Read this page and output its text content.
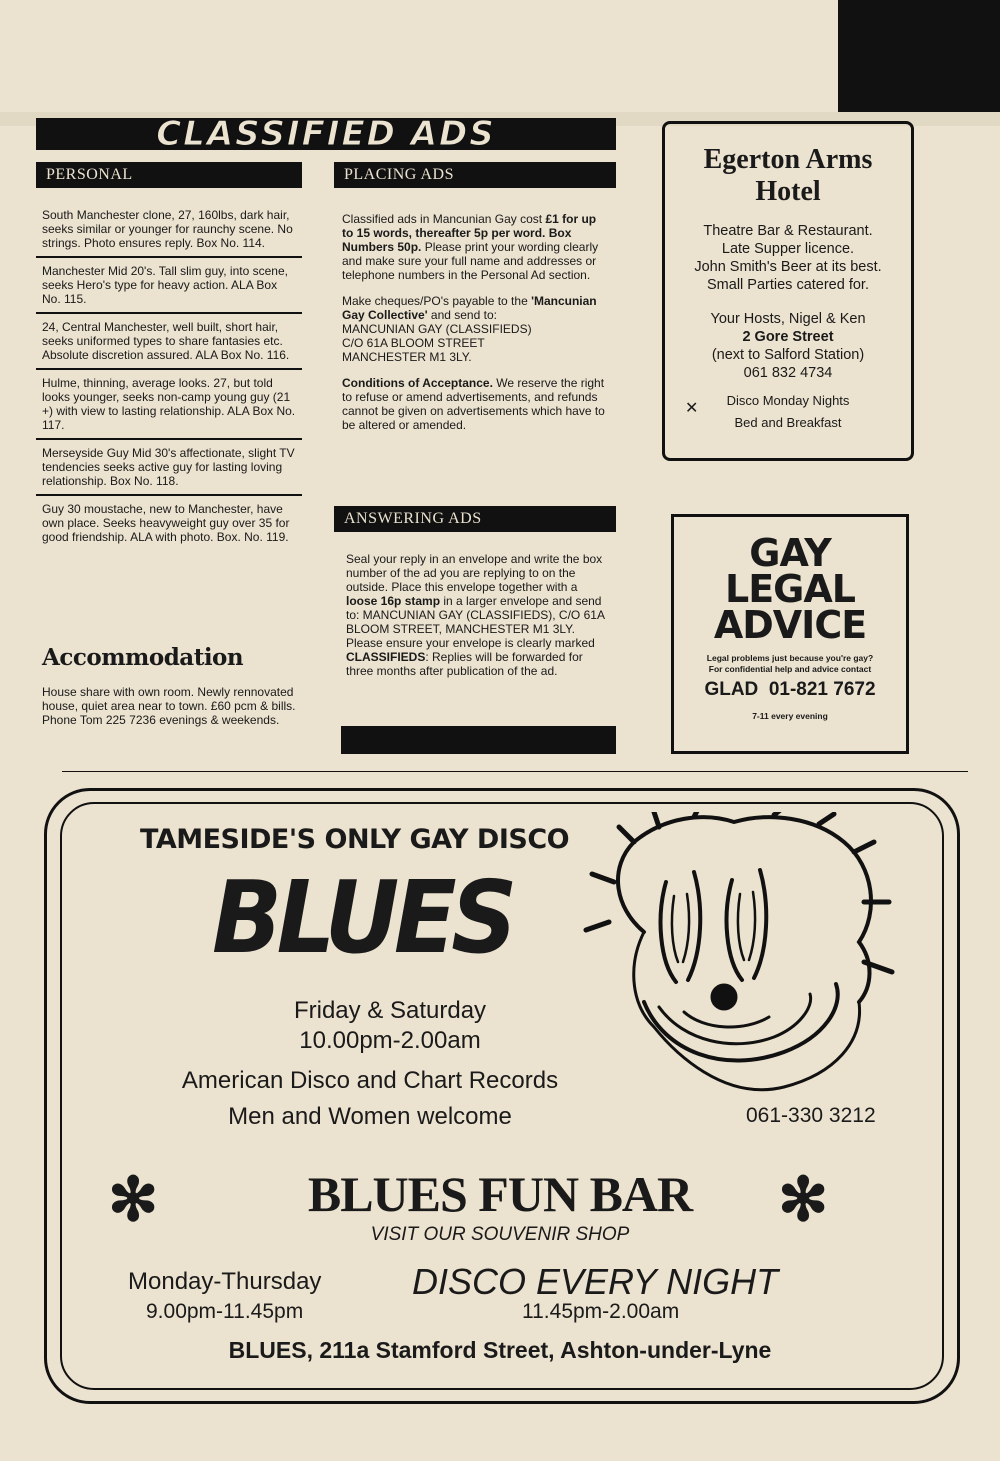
CLASSIFIED ADS
PERSONAL
South Manchester clone, 27, 160lbs, dark hair, seeks similar or younger for raunchy scene. No strings. Photo ensures reply. Box No. 114.
Manchester Mid 20's. Tall slim guy, into scene, seeks Hero's type for heavy action. ALA Box No. 115.
24, Central Manchester, well built, short hair, seeks uniformed types to share fantasies etc. Absolute discretion assured. ALA Box No. 116.
Hulme, thinning, average looks. 27, but told looks younger, seeks non-camp young guy (21 +) with view to lasting relationship. ALA Box No. 117.
Merseyside Guy Mid 30's affectionate, slight TV tendencies seeks active guy for lasting loving relationship. Box No. 118.
Guy 30 moustache, new to Manchester, have own place. Seeks heavyweight guy over 35 for good friendship. ALA with photo. Box. No. 119.
Accommodation
House share with own room. Newly rennovated house, quiet area near to town. £60 pcm & bills. Phone Tom 225 7236 evenings & weekends.
PLACING ADS

Classified ads in Mancunian Gay cost £1 for up to 15 words, thereafter 5p per word. Box Numbers 50p. Please print your wording clearly and make sure your full name and addresses or telephone numbers in the Personal Ad section.

Make cheques/PO's payable to the 'Mancunian Gay Collective' and send to:
MANCUNIAN GAY (CLASSIFIEDS)
C/O 61A BLOOM STREET
MANCHESTER M1 3LY.

Conditions of Acceptance. We reserve the right to refuse or amend advertisements, and refunds cannot be given on advertisements which have to be altered or amended.

ANSWERING ADS

Seal your reply in an envelope and write the box number of the ad you are replying to on the outside. Place this envelope together with a loose 16p stamp in a larger envelope and send to: MANCUNIAN GAY (CLASSIFIEDS), C/O 61A BLOOM STREET, MANCHESTER M1 3LY. Please ensure your envelope is clearly marked CLASSIFIEDS: Replies will be forwarded for three months after publication of the ad.

Egerton Arms
Hotel
Theatre Bar & Restaurant.
Late Supper licence.
John Smith's Beer at its best.
Small Parties catered for.
Your Hosts, Nigel & Ken
2 Gore Street
(next to Salford Station)
061 832 4734
Disco Monday Nights
Bed and Breakfast
✕
GAY
LEGAL
ADVICE
Legal problems just because you're gay?
For confidential help and advice contact
GLAD  01-821 7672
7-11 every evening
TAMESIDE'S ONLY GAY DISCO
BLUES
Friday & Saturday
10.00pm-2.00am
American Disco and Chart Records
Men and Women welcome	061-330 3212
✻	✻
BLUES FUN BAR
VISIT OUR SOUVENIR SHOP
Monday-Thursday
9.00pm-11.45pm
DISCO EVERY NIGHT
11.45pm-2.00am
BLUES, 211a Stamford Street, Ashton-under-Lyne
